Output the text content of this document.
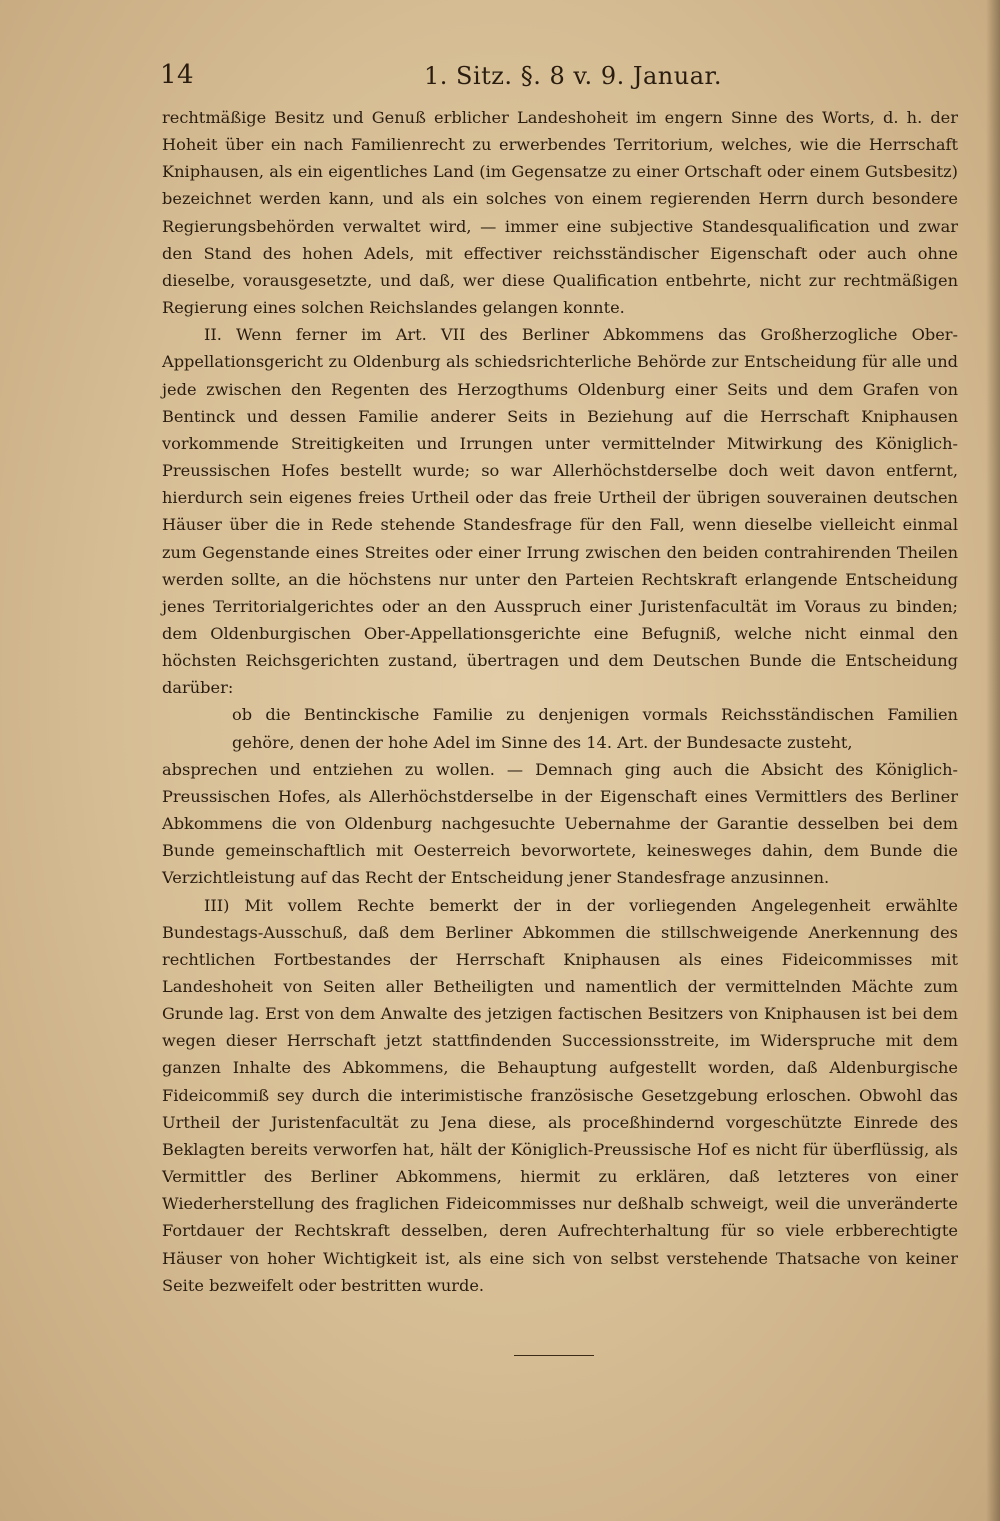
14	1. Sitz. §. 8 v. 9. Januar.

rechtmäßige Besitz und Genuß erblicher Landeshoheit im engern Sinne des Worts, d. h. der Hoheit über ein nach Familienrecht zu erwerbendes Territorium, welches, wie die Herrschaft Kniphausen, als ein eigentliches Land (im Gegensatze zu einer Ortschaft oder einem Gutsbesitz) bezeichnet werden kann, und als ein solches von einem regierenden Herrn durch besondere Regierungsbehörden verwaltet wird, — immer eine subjective Standesqualification und zwar den Stand des hohen Adels, mit effectiver reichsständischer Eigenschaft oder auch ohne dieselbe, vorausgesetzte, und daß, wer diese Qualification entbehrte, nicht zur rechtmäßigen Regierung eines solchen Reichslandes gelangen konnte.

II. Wenn ferner im Art. VII des Berliner Abkommens das Großherzogliche Ober-Appellationsgericht zu Oldenburg als schiedsrichterliche Behörde zur Entscheidung für alle und jede zwischen den Regenten des Herzogthums Oldenburg einer Seits und dem Grafen von Bentinck und dessen Familie anderer Seits in Beziehung auf die Herrschaft Kniphausen vorkommende Streitigkeiten und Irrungen unter vermittelnder Mitwirkung des Königlich-Preussischen Hofes bestellt wurde; so war Allerhöchstderselbe doch weit davon entfernt, hierdurch sein eigenes freies Urtheil oder das freie Urtheil der übrigen souverainen deutschen Häuser über die in Rede stehende Standesfrage für den Fall, wenn dieselbe vielleicht einmal zum Gegenstande eines Streites oder einer Irrung zwischen den beiden contrahirenden Theilen werden sollte, an die höchstens nur unter den Parteien Rechtskraft erlangende Entscheidung jenes Territorialgerichtes oder an den Ausspruch einer Juristenfacultät im Voraus zu binden; dem Oldenburgischen Ober-Appellationsgerichte eine Befugniß, welche nicht einmal den höchsten Reichsgerichten zustand, übertragen und dem Deutschen Bunde die Entscheidung darüber:

ob die Bentinckische Familie zu denjenigen vormals Reichsständischen Familien gehöre, denen der hohe Adel im Sinne des 14. Art. der Bundesacte zusteht,

absprechen und entziehen zu wollen. — Demnach ging auch die Absicht des Königlich-Preussischen Hofes, als Allerhöchstderselbe in der Eigenschaft eines Vermittlers des Berliner Abkommens die von Oldenburg nachgesuchte Uebernahme der Garantie desselben bei dem Bunde gemeinschaftlich mit Oesterreich bevorwortete, keinesweges dahin, dem Bunde die Verzichtleistung auf das Recht der Entscheidung jener Standesfrage anzusinnen.

III) Mit vollem Rechte bemerkt der in der vorliegenden Angelegenheit erwählte Bundestags-Ausschuß, daß dem Berliner Abkommen die stillschweigende Anerkennung des rechtlichen Fortbestandes der Herrschaft Kniphausen als eines Fideicommisses mit Landeshoheit von Seiten aller Betheiligten und namentlich der vermittelnden Mächte zum Grunde lag. Erst von dem Anwalte des jetzigen factischen Besitzers von Kniphausen ist bei dem wegen dieser Herrschaft jetzt stattfindenden Successionsstreite, im Widerspruche mit dem ganzen Inhalte des Abkommens, die Behauptung aufgestellt worden, daß Aldenburgische Fideicommiß sey durch die interimistische französische Gesetzgebung erloschen. Obwohl das Urtheil der Juristenfacultät zu Jena diese, als proceßhindernd vorgeschützte Einrede des Beklagten bereits verworfen hat, hält der Königlich-Preussische Hof es nicht für überflüssig, als Vermittler des Berliner Abkommens, hiermit zu erklären, daß letzteres von einer Wiederherstellung des fraglichen Fideicommisses nur deßhalb schweigt, weil die unveränderte Fortdauer der Rechtskraft desselben, deren Aufrechterhaltung für so viele erbberechtigte Häuser von hoher Wichtigkeit ist, als eine sich von selbst verstehende Thatsache von keiner Seite bezweifelt oder bestritten wurde.
